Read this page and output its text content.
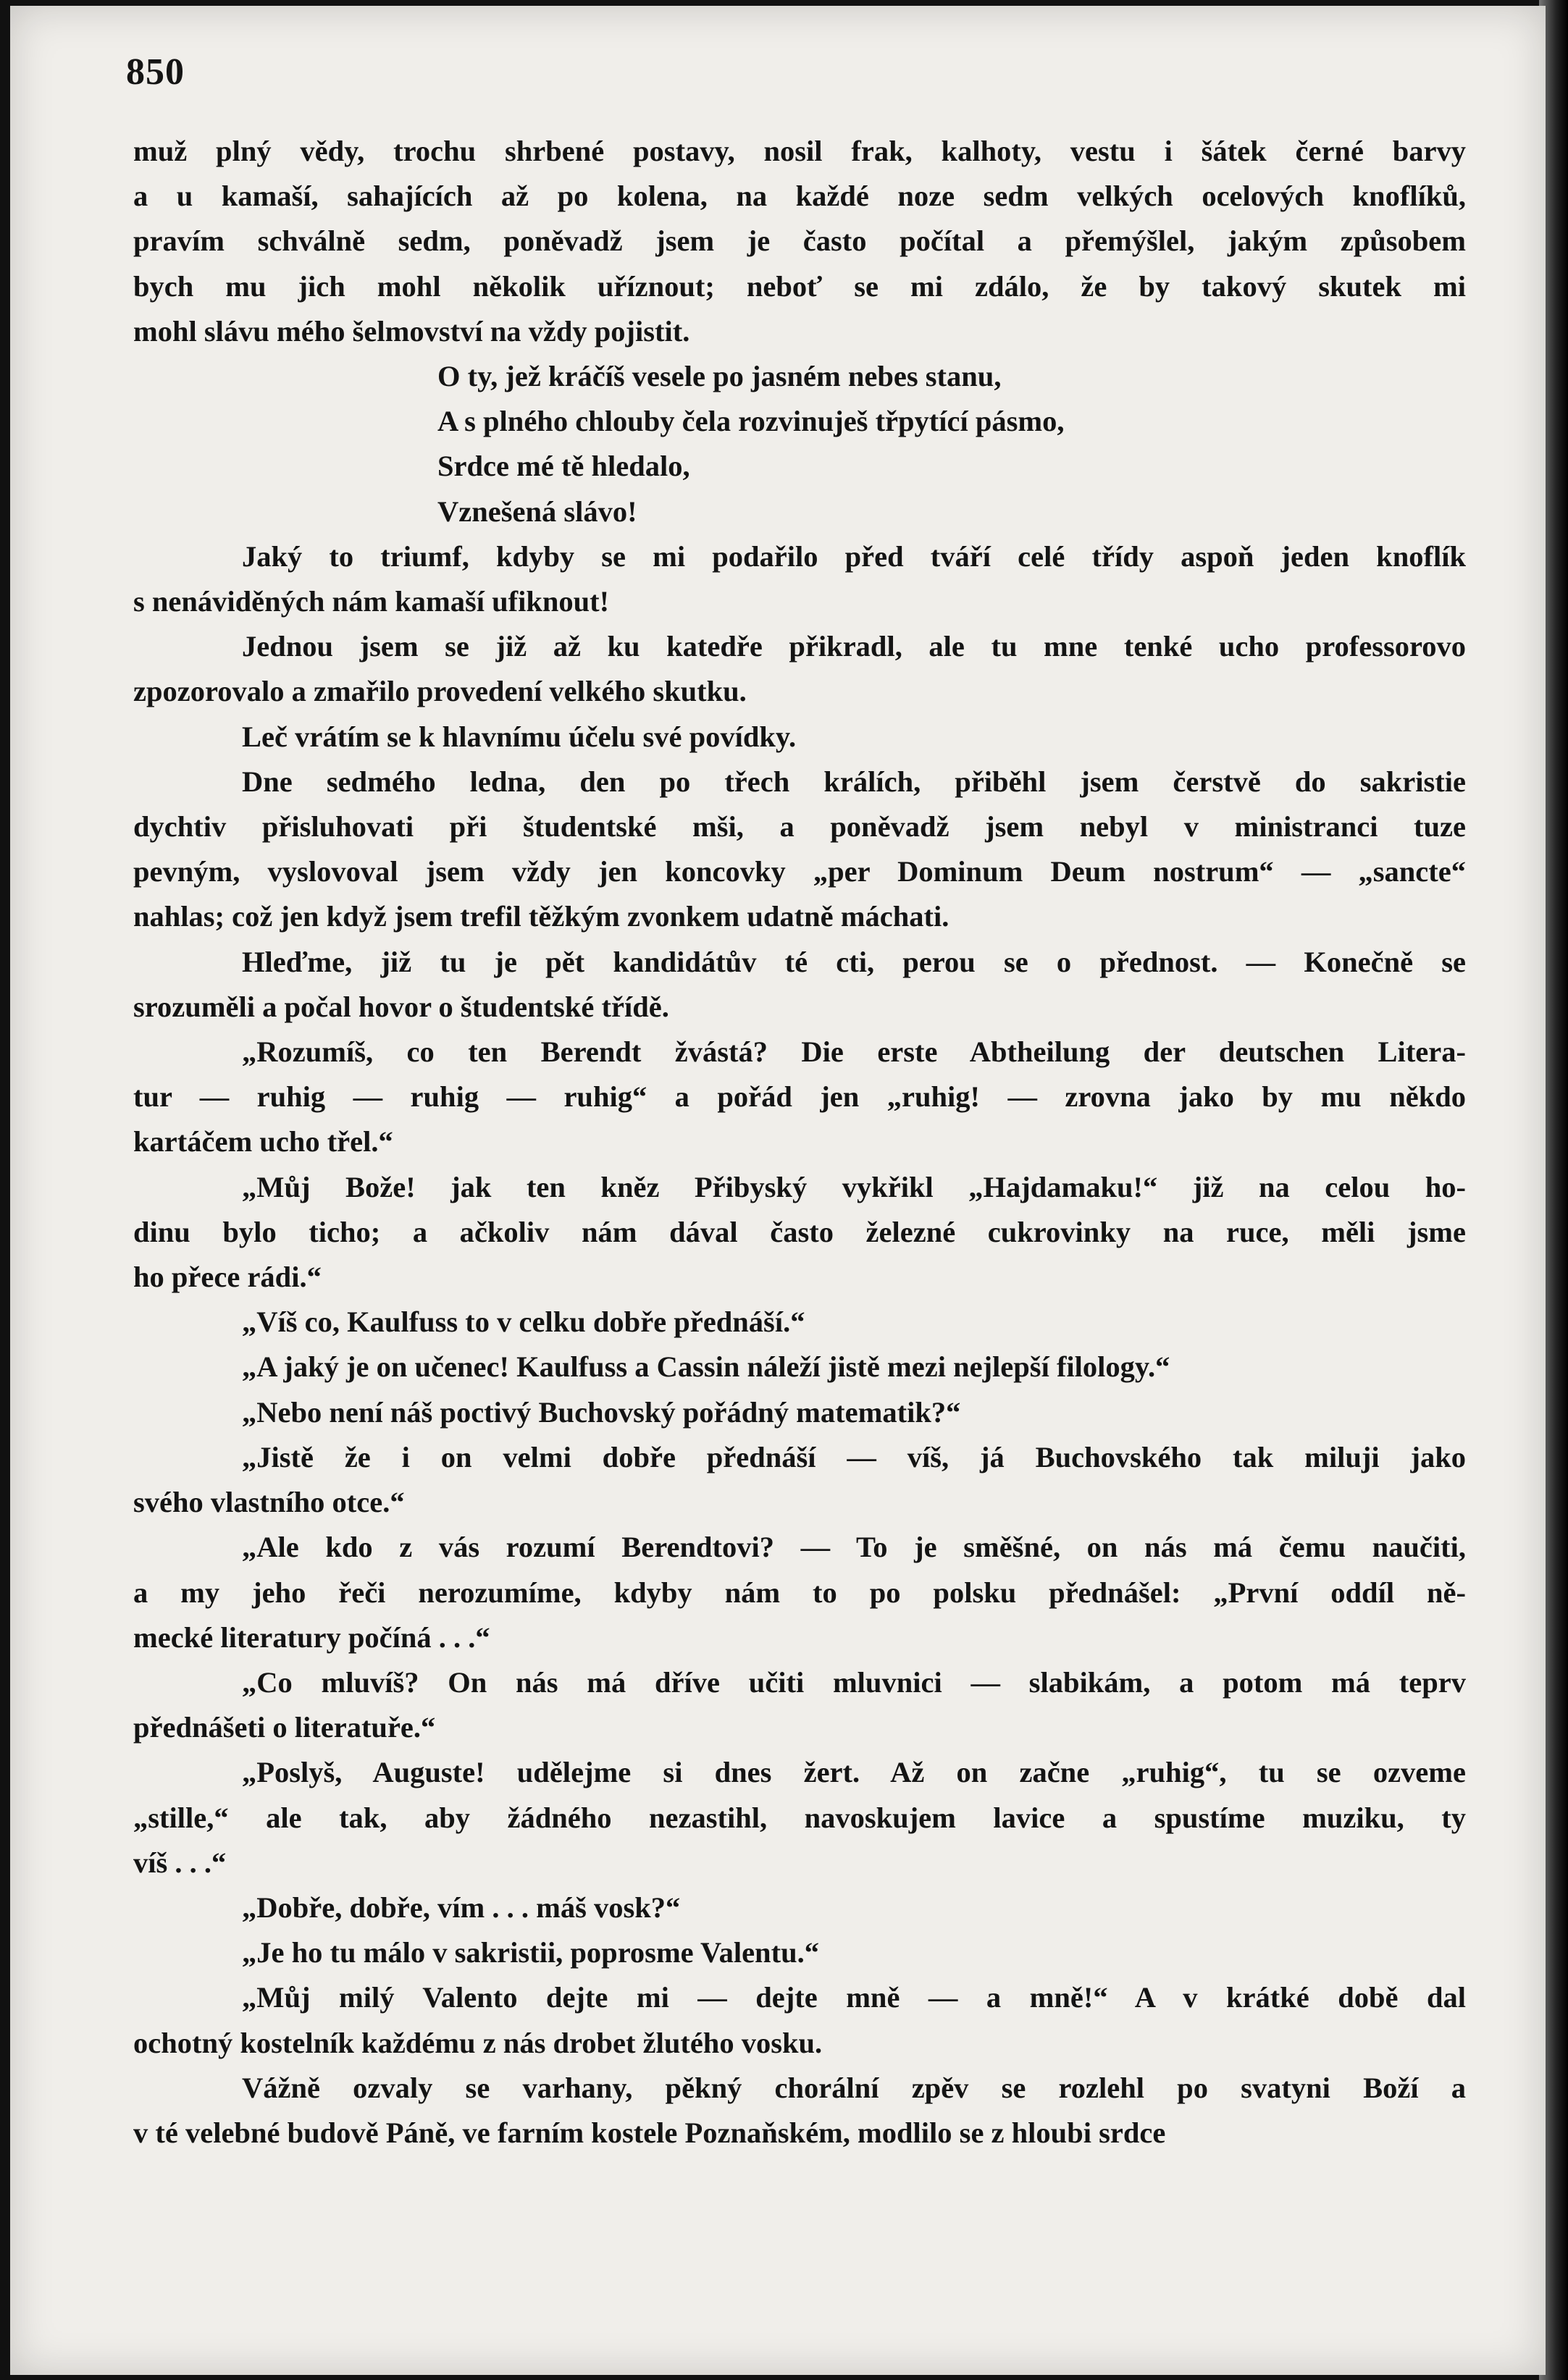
850
muž plný vědy, trochu shrbené postavy, nosil frak, kalhoty, vestu i šátek černé barvy
a u kamaší, sahajících až po kolena, na každé noze sedm velkých ocelových knoflíků,
pravím schválně sedm, poněvadž jsem je často počítal a přemýšlel, jakým způsobem
bych mu jich mohl několik uříznout; neboť se mi zdálo, že by takový skutek mi
mohl slávu mého šelmovství na vždy pojistit.
O ty, jež kráčíš vesele po jasném nebes stanu,
A s plného chlouby čela rozvinuješ třpytící pásmo,
Srdce mé tě hledalo,
Vznešená slávo!
Jaký to triumf, kdyby se mi podařilo před tváří celé třídy aspoň jeden knoflík
s nenáviděných nám kamaší ufiknout!
Jednou jsem se již až ku katedře přikradl, ale tu mne tenké ucho professorovo
zpozorovalo a zmařilo provedení velkého skutku.
Leč vrátím se k hlavnímu účelu své povídky.
Dne sedmého ledna, den po třech králích, přiběhl jsem čerstvě do sakristie
dychtiv přisluhovati při študentské mši, a poněvadž jsem nebyl v ministranci tuze
pevným, vyslovoval jsem vždy jen koncovky „per Dominum Deum nostrum“ — „sancte“
nahlas; což jen když jsem trefil těžkým zvonkem udatně máchati.
Hleďme, již tu je pět kandidátův té cti, perou se o přednost. — Konečně se
srozuměli a počal hovor o študentské třídě.
„Rozumíš, co ten Berendt žvástá? Die erste Abtheilung der deutschen Litera-
tur — ruhig — ruhig — ruhig“ a pořád jen „ruhig! — zrovna jako by mu někdo
kartáčem ucho třel.“
„Můj Bože! jak ten kněz Přibyský vykřikl „Hajdamaku!“ již na celou ho-
dinu bylo ticho; a ačkoliv nám dával často železné cukrovinky na ruce, měli jsme
ho přece rádi.“
„Víš co, Kaulfuss to v celku dobře přednáší.“
„A jaký je on učenec! Kaulfuss a Cassin náleží jistě mezi nejlepší filology.“
„Nebo není náš poctivý Buchovský pořádný matematik?“
„Jistě že i on velmi dobře přednáší — víš, já Buchovského tak miluji jako
svého vlastního otce.“
„Ale kdo z vás rozumí Berendtovi? — To je směšné, on nás má čemu naučiti,
a my jeho řeči nerozumíme, kdyby nám to po polsku přednášel: „První oddíl ně-
mecké literatury počíná . . .“
„Co mluvíš? On nás má dříve učiti mluvnici — slabikám, a potom má teprv
přednášeti o literatuře.“
„Poslyš, Auguste! udělejme si dnes žert. Až on začne „ruhig“, tu se ozveme
„stille,“ ale tak, aby žádného nezastihl, navoskujem lavice a spustíme muziku, ty
víš . . .“
„Dobře, dobře, vím . . . máš vosk?“
„Je ho tu málo v sakristii, poprosme Valentu.“
„Můj milý Valento dejte mi — dejte mně — a mně!“ A v krátké době dal
ochotný kostelník každému z nás drobet žlutého vosku.
Vážně ozvaly se varhany, pěkný chorální zpěv se rozlehl po svatyni Boží a
v té velebné budově Páně, ve farním kostele Poznaňském, modlilo se z hloubi srdce
